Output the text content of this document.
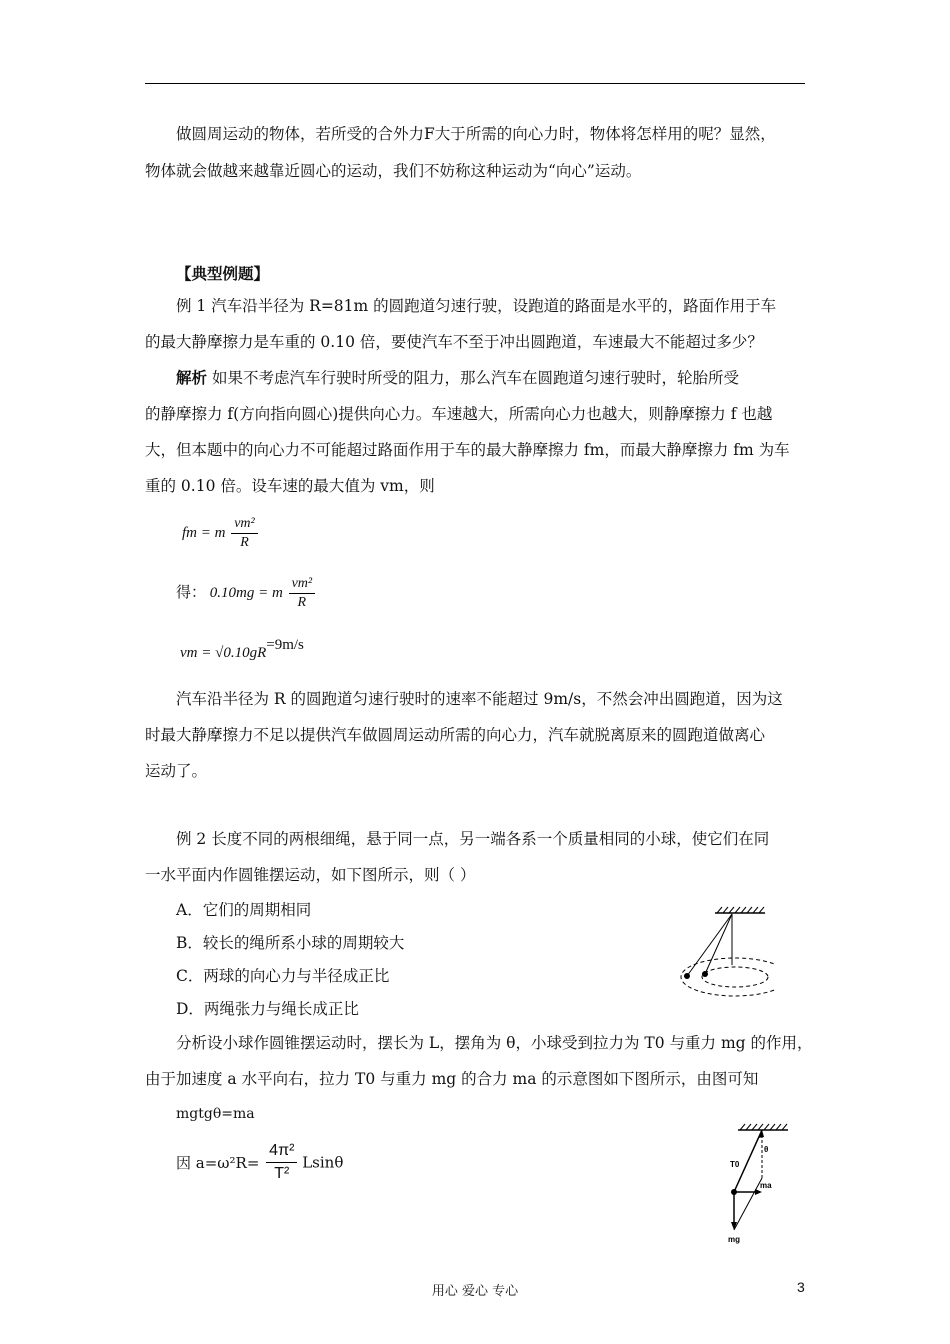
做圆周运动的物体，若所受的合外力F大于所需的向心力时，物体将怎样用的呢？显然，
物体就会做越来越靠近圆心的运动，我们不妨称这种运动为“向心”运动。
【典型例题】
例 1 汽车沿半径为 R=81m 的圆跑道匀速行驶，设跑道的路面是水平的，路面作用于车
的最大静摩擦力是车重的 0.10 倍，要使汽车不至于冲出圆跑道，车速最大不能超过多少？
解析 如果不考虑汽车行驶时所受的阻力，那么汽车在圆跑道匀速行驶时，轮胎所受
的静摩擦力 f(方向指向圆心)提供向心力。车速越大，所需向心力也越大，则静摩擦力 f 也越
大，但本题中的向心力不可能超过路面作用于车的最大静摩擦力 fm，而最大静摩擦力 fm 为车
重的 0.10 倍。设车速的最大值为 vm，则
fm = m $\frac{\text{vm²}}{R}$
得： 0.10mg = m $\frac{\text{vm²}}{R}$
vm = √0.10gR=9m/s
汽车沿半径为 R 的圆跑道匀速行驶时的速率不能超过 9m/s，不然会冲出圆跑道，因为这
时最大静摩擦力不足以提供汽车做圆周运动所需的向心力，汽车就脱离原来的圆跑道做离心
运动了。
例 2 长度不同的两根细绳，悬于同一点，另一端各系一个质量相同的小球，使它们在同
一水平面内作圆锥摆运动，如下图所示，则（ ）
A．它们的周期相同
B．较长的绳所系小球的周期较大
C．两球的向心力与半径成正比
D．两绳张力与绳长成正比
分析设小球作圆锥摆运动时，摆长为 L，摆角为 θ，小球受到拉力为 T0 与重力 mg 的作用，
由于加速度 a 水平向右，拉力 T0 与重力 mg 的合力 ma 的示意图如下图所示，由图可知
mgtgθ=ma
因 $a=\omega^2R= \frac{\text{4π²}}{\text{T²}}$ Lsinθ	T0
θ
ma
mg
用心 爱心 专心	3
